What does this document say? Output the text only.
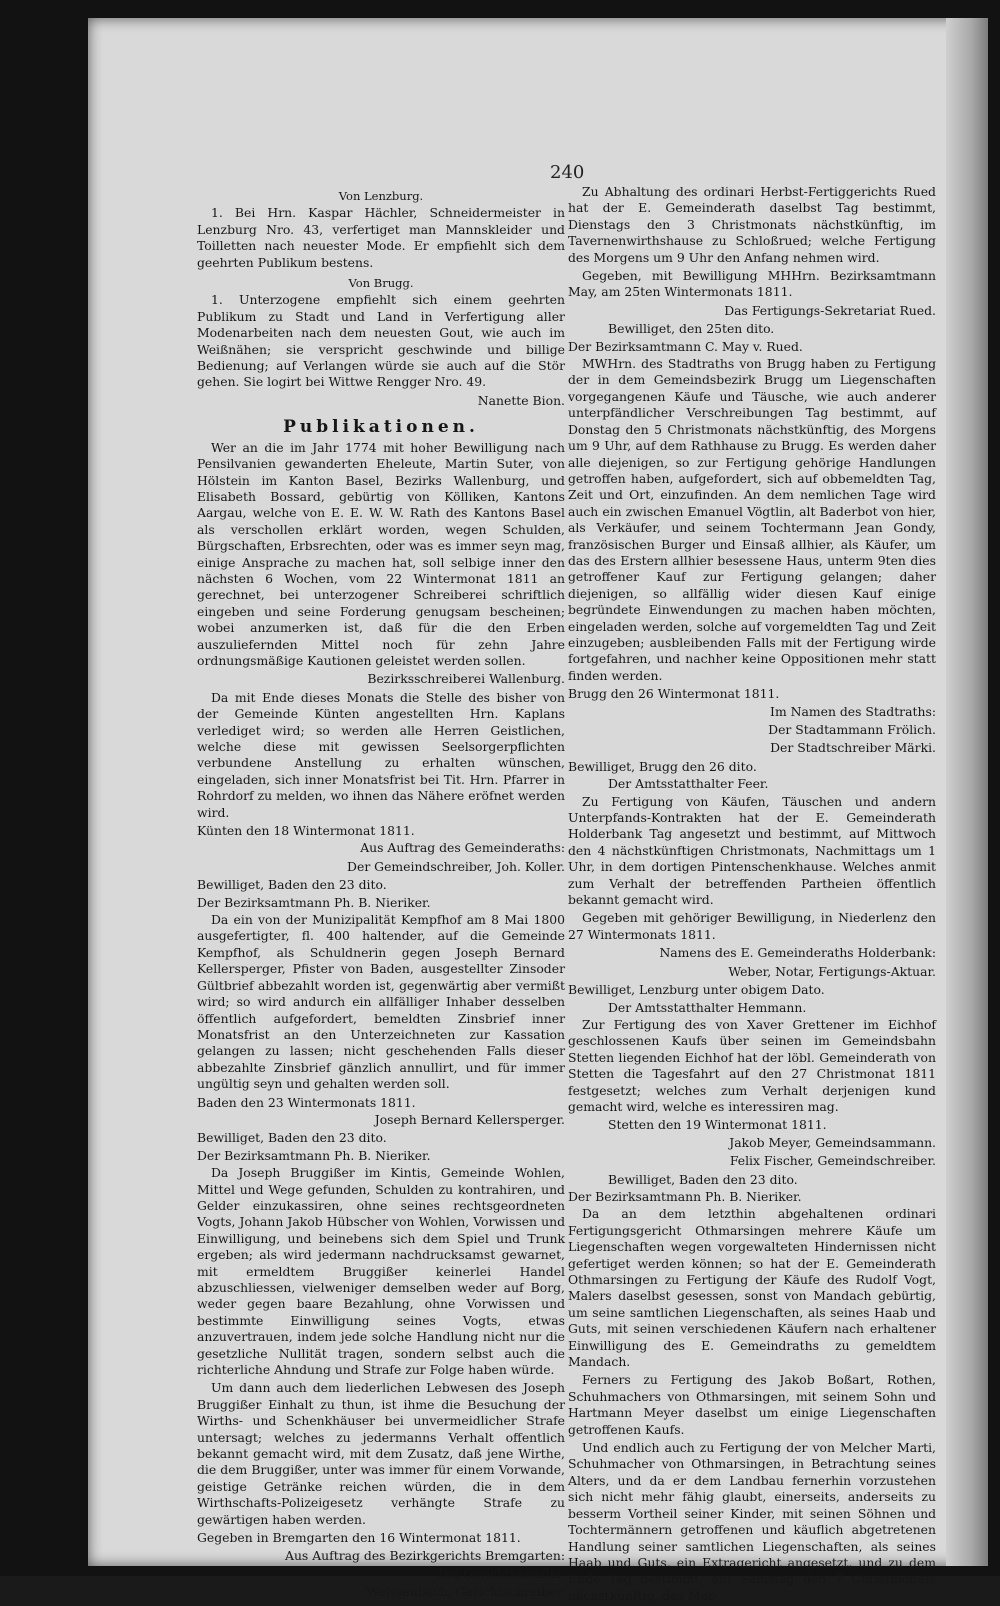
240

Von Lenzburg.

1. Bei Hrn. Kaspar Hächler, Schneidermeister in Lenzburg Nro. 43, verfertiget man Mannskleider und Toilletten nach neuester Mode. Er empfiehlt sich dem geehrten Publikum bestens.

Von Brugg.

1. Unterzogene empfiehlt sich einem geehrten Publikum zu Stadt und Land in Verfertigung aller Modenarbeiten nach dem neuesten Gout, wie auch im Weißnähen; sie verspricht geschwinde und billige Bedienung; auf Verlangen würde sie auch auf die Stör gehen. Sie logirt bei Wittwe Rengger Nro. 49.

Nanette Bion.

Publikationen.

Wer an die im Jahr 1774 mit hoher Bewilligung nach Pensilvanien gewanderten Eheleute, Martin Suter, von Hölstein im Kanton Basel, Bezirks Wallenburg, und Elisabeth Bossard, gebürtig von Kölliken, Kantons Aargau, welche von E. E. W. W. Rath des Kantons Basel als verschollen erklärt worden, wegen Schulden, Bürgschaften, Erbsrechten, oder was es immer seyn mag, einige Ansprache zu machen hat, soll selbige inner den nächsten 6 Wochen, vom 22 Wintermonat 1811 an gerechnet, bei unterzogener Schreiberei schriftlich eingeben und seine Forderung genugsam bescheinen; wobei anzumerken ist, daß für die den Erben auszuliefernden Mittel noch für zehn Jahre ordnungsmäßige Kautionen geleistet werden sollen.

Bezirksschreiberei Wallenburg.

Da mit Ende dieses Monats die Stelle des bisher von der Gemeinde Künten angestellten Hrn. Kaplans verlediget wird; so werden alle Herren Geistlichen, welche diese mit gewissen Seelsorgerpflichten verbundene Anstellung zu erhalten wünschen, eingeladen, sich inner Monatsfrist bei Tit. Hrn. Pfarrer in Rohrdorf zu melden, wo ihnen das Nähere eröfnet werden wird.

Künten den 18 Wintermonat 1811.

Aus Auftrag des Gemeinderaths:

Der Gemeindschreiber, Joh. Koller.

Bewilliget, Baden den 23 dito.

Der Bezirksamtmann Ph. B. Nieriker.

Da ein von der Munizipalität Kempfhof am 8 Mai 1800 ausgefertigter, fl. 400 haltender, auf die Gemeinde Kempfhof, als Schuldnerin gegen Joseph Bernard Kellersperger, Pfister von Baden, ausgestellter Zinsoder Gültbrief abbezahlt worden ist, gegenwärtig aber vermißt wird; so wird andurch ein allfälliger Inhaber desselben öffentlich aufgefordert, bemeldten Zinsbrief inner Monatsfrist an den Unterzeichneten zur Kassation gelangen zu lassen; nicht geschehenden Falls dieser abbezahlte Zinsbrief gänzlich annullirt, und für immer ungültig seyn und gehalten werden soll.

Baden den 23 Wintermonats 1811.

Joseph Bernard Kellersperger.

Bewilliget, Baden den 23 dito.

Der Bezirksamtmann Ph. B. Nieriker.

Da Joseph Bruggißer im Kintis, Gemeinde Wohlen, Mittel und Wege gefunden, Schulden zu kontrahiren, und Gelder einzukassiren, ohne seines rechtsgeordneten Vogts, Johann Jakob Hübscher von Wohlen, Vorwissen und Einwilligung, und beinebens sich dem Spiel und Trunk ergeben; als wird jedermann nachdrucksamst gewarnet, mit ermeldtem Bruggißer keinerlei Handel abzuschliessen, vielweniger demselben weder auf Borg, weder gegen baare Bezahlung, ohne Vorwissen und bestimmte Einwilligung seines Vogts, etwas anzuvertrauen, indem jede solche Handlung nicht nur die gesetzliche Nullität tragen, sondern selbst auch die richterliche Ahndung und Strafe zur Folge haben würde.

Um dann auch dem liederlichen Lebwesen des Joseph Bruggißer Einhalt zu thun, ist ihme die Besuchung der Wirths- und Schenkhäuser bei unvermeidlicher Strafe untersagt; welches zu jedermanns Verhalt offentlich bekannt gemacht wird, mit dem Zusatz, daß jene Wirthe, die dem Bruggißer, unter was immer für einem Vorwande, geistige Getränke reichen würden, die in dem Wirthschafts-Polizeigesetz verhängte Strafe zu gewärtigen haben werden.

Gegeben in Bremgarten den 16 Wintermonat 1811.

Aus Auftrag des Bezirkgerichts Bremgarten:

Die Gerichtskanzlei.

Weissenbach, Gerichtschreiber.

Zu Abhaltung des ordinari Herbst-Fertiggerichts Rued hat der E. Gemeinderath daselbst Tag bestimmt, Dienstags den 3 Christmonats nächstkünftig, im Tavernenwirthshause zu Schloßrued; welche Fertigung des Morgens um 9 Uhr den Anfang nehmen wird.

Gegeben, mit Bewilligung MHHrn. Bezirksamtmann May, am 25ten Wintermonats 1811.

Das Fertigungs-Sekretariat Rued.

Bewilliget, den 25ten dito.

Der Bezirksamtmann C. May v. Rued.

MWHrn. des Stadtraths von Brugg haben zu Fertigung der in dem Gemeindsbezirk Brugg um Liegenschaften vorgegangenen Käufe und Täusche, wie auch anderer unterpfändlicher Verschreibungen Tag bestimmt, auf Donstag den 5 Christmonats nächstkünftig, des Morgens um 9 Uhr, auf dem Rathhause zu Brugg. Es werden daher alle diejenigen, so zur Fertigung gehörige Handlungen getroffen haben, aufgefordert, sich auf obbemeldten Tag, Zeit und Ort, einzufinden. An dem nemlichen Tage wird auch ein zwischen Emanuel Vögtlin, alt Baderbot von hier, als Verkäufer, und seinem Tochtermann Jean Gondy, französischen Burger und Einsaß allhier, als Käufer, um das des Erstern allhier besessene Haus, unterm 9ten dies getroffener Kauf zur Fertigung gelangen; daher diejenigen, so allfällig wider diesen Kauf einige begründete Einwendungen zu machen haben möchten, eingeladen werden, solche auf vorgemeldten Tag und Zeit einzugeben; ausbleibenden Falls mit der Fertigung wirde fortgefahren, und nachher keine Oppositionen mehr statt finden werden.

Brugg den 26 Wintermonat 1811.

Im Namen des Stadtraths:

Der Stadtammann Frölich.

Der Stadtschreiber Märki.

Bewilliget, Brugg den 26 dito.

Der Amtsstatthalter Feer.

Zu Fertigung von Käufen, Täuschen und andern Unterpfands-Kontrakten hat der E. Gemeinderath Holderbank Tag angesetzt und bestimmt, auf Mittwoch den 4 nächstkünftigen Christmonats, Nachmittags um 1 Uhr, in dem dortigen Pintenschenkhause. Welches anmit zum Verhalt der betreffenden Partheien öffentlich bekannt gemacht wird.

Gegeben mit gehöriger Bewilligung, in Niederlenz den 27 Wintermonats 1811.

Namens des E. Gemeinderaths Holderbank:

Weber, Notar, Fertigungs-Aktuar.

Bewilliget, Lenzburg unter obigem Dato.

Der Amtsstatthalter Hemmann.

Zur Fertigung des von Xaver Grettener im Eichhof geschlossenen Kaufs über seinen im Gemeindsbahn Stetten liegenden Eichhof hat der löbl. Gemeinderath von Stetten die Tagesfahrt auf den 27 Christmonat 1811 festgesetzt; welches zum Verhalt derjenigen kund gemacht wird, welche es interessiren mag.

Stetten den 19 Wintermonat 1811.

Jakob Meyer, Gemeindsammann.

Felix Fischer, Gemeindschreiber.

Bewilliget, Baden den 23 dito.

Der Bezirksamtmann Ph. B. Nieriker.

Da an dem letzthin abgehaltenen ordinari Fertigungsgericht Othmarsingen mehrere Käufe um Liegenschaften wegen vorgewalteten Hindernissen nicht gefertiget werden können; so hat der E. Gemeinderath Othmarsingen zu Fertigung der Käufe des Rudolf Vogt, Malers daselbst gesessen, sonst von Mandach gebürtig, um seine samtlichen Liegenschaften, als seines Haab und Guts, mit seinen verschiedenen Käufern nach erhaltener Einwilligung des E. Gemeindraths zu gemeldtem Mandach.

Ferners zu Fertigung des Jakob Boßart, Rothen, Schuhmachers von Othmarsingen, mit seinem Sohn und Hartmann Meyer daselbst um einige Liegenschaften getroffenen Kaufs.

Und endlich auch zu Fertigung der von Melcher Marti, Schuhmacher von Othmarsingen, in Betrachtung seines Alters, und da er dem Landbau fernerhin vorzustehen sich nicht mehr fähig glaubt, einerseits, anderseits zu besserm Vortheil seiner Kinder, mit seinen Söhnen und Tochtermännern getroffenen und käuflich abgetretenen Handlung seiner samtlichen Liegenschaften, als seines Haab und Guts, ein Extragericht angesetzt, und zu dem Ende Tag bestimmt, auf Samstag den 7 Christmonats nächstkünftig, des Mor-
